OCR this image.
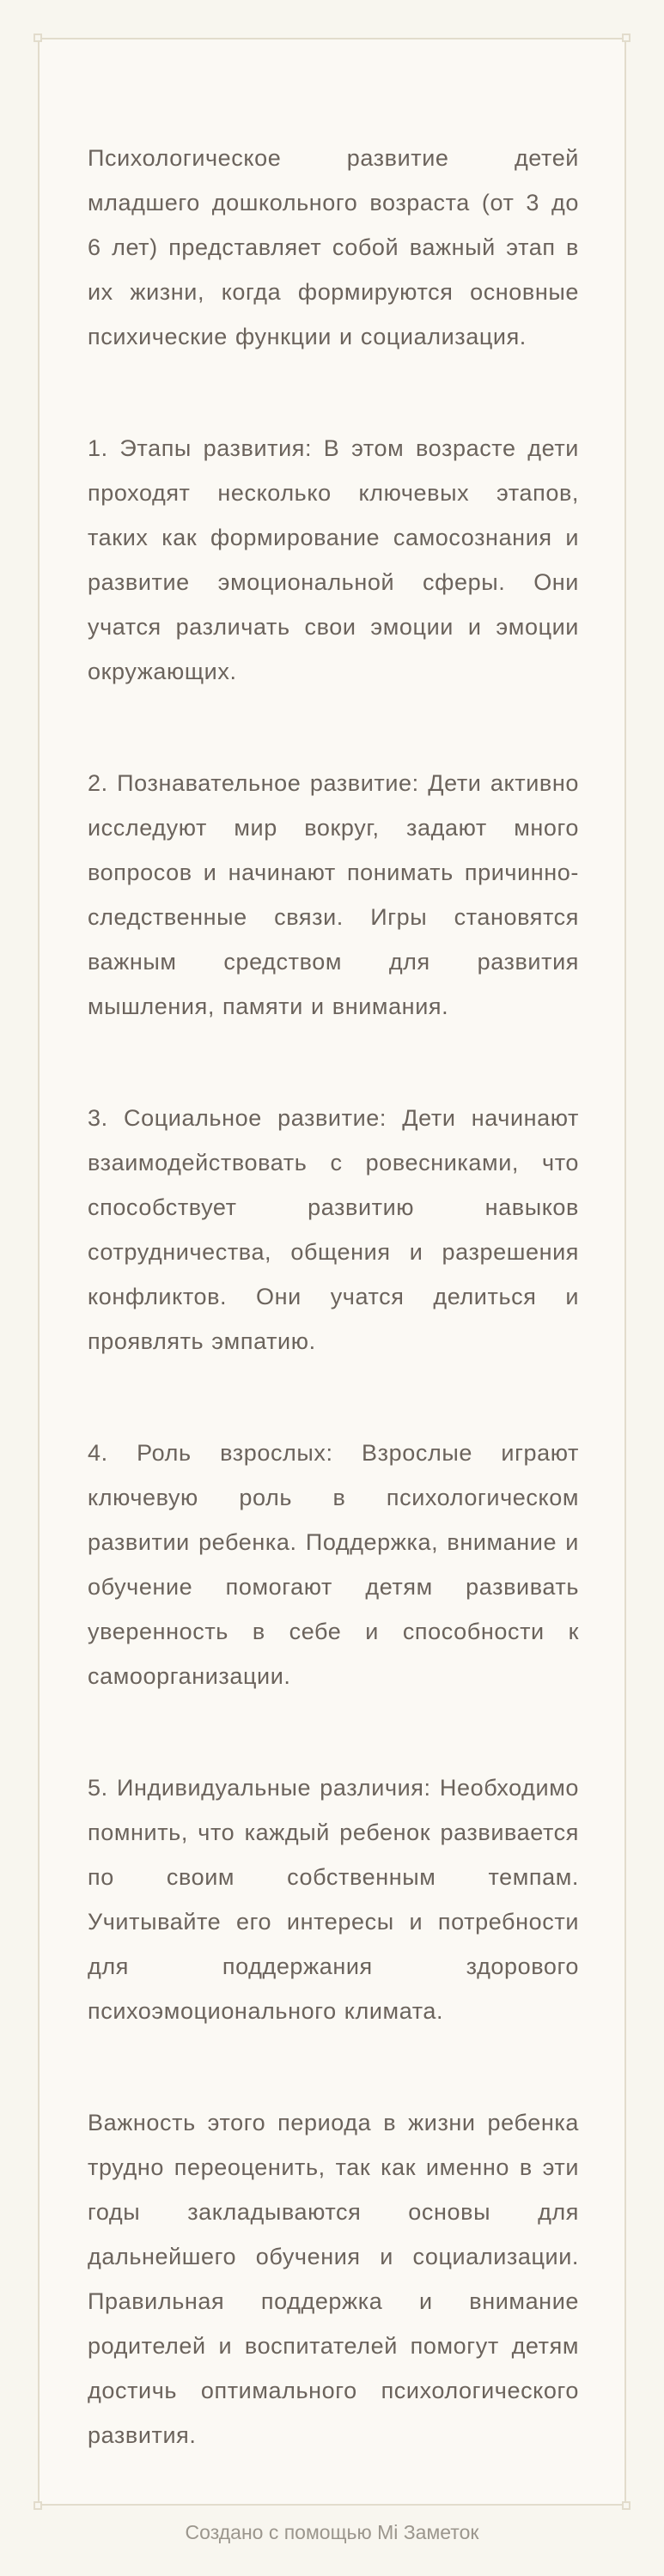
Психологическое развитие детей младшего дошкольного возраста (от 3 до 6 лет) представляет собой важный этап в их жизни, когда формируются основные психические функции и социализация.

1. Этапы развития: В этом возрасте дети проходят несколько ключевых этапов, таких как формирование самосознания и развитие эмоциональной сферы. Они учатся различать свои эмоции и эмоции окружающих.

2. Познавательное развитие: Дети активно исследуют мир вокруг, задают много вопросов и начинают понимать причинно-следственные связи. Игры становятся важным средством для развития мышления, памяти и внимания.

3. Социальное развитие: Дети начинают взаимодействовать с ровесниками, что способствует развитию навыков сотрудничества, общения и разрешения конфликтов. Они учатся делиться и проявлять эмпатию.

4. Роль взрослых: Взрослые играют ключевую роль в психологическом развитии ребенка. Поддержка, внимание и обучение помогают детям развивать уверенность в себе и способности к самоорганизации.

5. Индивидуальные различия: Необходимо помнить, что каждый ребенок развивается по своим собственным темпам. Учитывайте его интересы и потребности для поддержания здорового психоэмоционального климата.

Важность этого периода в жизни ребенка трудно переоценить, так как именно в эти годы закладываются основы для дальнейшего обучения и социализации. Правильная поддержка и внимание родителей и воспитателей помогут детям достичь оптимального психологического развития.

Создано с помощью Mi Заметок
